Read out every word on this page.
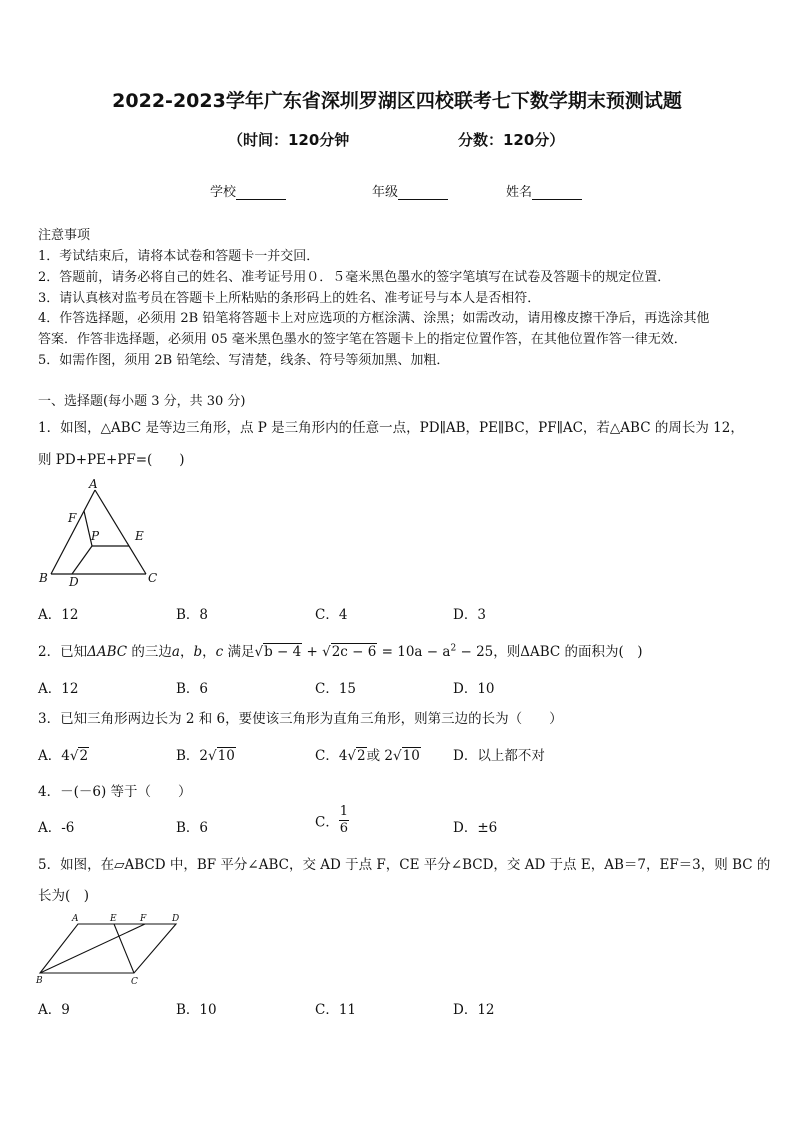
2022-2023学年广东省深圳罗湖区四校联考七下数学期末预测试题
（时间：120分钟	分数：120分）
学校	年级	姓名
注意事项
1．考试结束后，请将本试卷和答题卡一并交回．
2．答题前，请务必将自己的姓名、准考证号用０．５毫米黑色墨水的签字笔填写在试卷及答题卡的规定位置．
3．请认真核对监考员在答题卡上所粘贴的条形码上的姓名、准考证号与本人是否相符．
4．作答选择题，必须用 2B 铅笔将答题卡上对应选项的方框涂满、涂黑；如需改动，请用橡皮擦干净后，再选涂其他
答案．作答非选择题，必须用 05 毫米黑色墨水的签字笔在答题卡上的指定位置作答，在其他位置作答一律无效．
5．如需作图，须用 2B 铅笔绘、写清楚，线条、符号等须加黑、加粗．
一、选择题(每小题 3 分，共 30 分)
1．如图，△ABC 是等边三角形，点 P 是三角形内的任意一点，PD∥AB，PE∥BC，PF∥AC，若△ABC 的周长为 12，
则 PD+PE+PF=(　　)
A
F
P	E
B D	C
A．12	B．8	C．4	D．3
2．已知ΔABC 的三边a，b，c 满足$√b - 4 + √2c - 6 = 10a - a^2 - 25$，则ΔABC 的面积为(　)
A．12	B．6	C．15	D．10
3．已知三角形两边长为 2 和 6，要使该三角形为直角三角形，则第三边的长为（　　）
A．4√2	B．2√10	C．4√2或 2√10 D．以上都不对
4．－(－6) 等于（　　）
A．-6	B．6	C． $\frac{1}{6}$	D．±6
5．如图，在▱ABCD 中，BF 平分∠ABC，交 AD 于点 F，CE 平分∠BCD，交 AD 于点 E，AB＝7，EF＝3，则 BC 的
长为(　)
A	E	F	D
B	C
A．9	B．10	C．11	D．12
